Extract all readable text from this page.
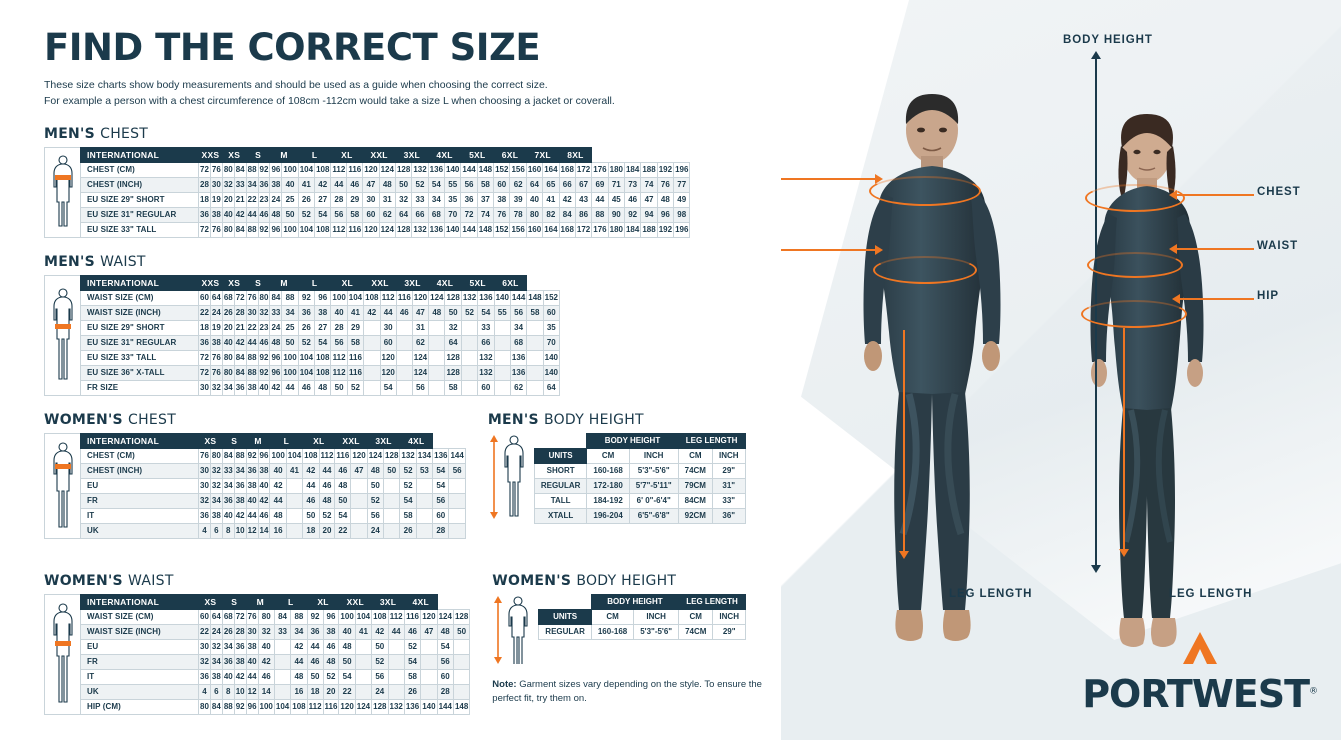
BODY HEIGHT
CHEST
WAIST
HIP
LEG LENGTH	LEG LENGTH
PORTWEST®
FIND THE CORRECT SIZE

These size charts show body measurements and should be used as a guide when choosing the correct size.
For example a person with a chest circumference of 108cm -112cm would take a size L when choosing a jacket or coverall.

MEN'S CHEST
INTERNATIONAL	XXS		XS		S		M		L		XL		XXL		3XL		4XL		5XL		6XL		7XL		8XL							
CHEST (CM)	72	76	80	84	88	92	96	100	104	108	112	116	120	124	128	132	136	140	144	148	152	156	160	164	168	172	176	180	184	188	192	196
CHEST (INCH)	28	30	32	33	34	36	38	40	41	42	44	46	47	48	50	52	54	55	56	58	60	62	64	65	66	67	69	71	73	74	76	77
EU SIZE 29" SHORT	18	19	20	21	22	23	24	25	26	27	28	29	30	31	32	33	34	35	36	37	38	39	40	41	42	43	44	45	46	47	48	49
EU SIZE 31" REGULAR	36	38	40	42	44	46	48	50	52	54	56	58	60	62	64	66	68	70	72	74	76	78	80	82	84	86	88	90	92	94	96	98
EU SIZE 33" TALL	72	76	80	84	88	92	96	100	104	108	112	116	120	124	128	132	136	140	144	148	152	156	160	164	168	172	176	180	184	188	192	196
MEN'S WAIST
INTERNATIONAL	XXS		XS		S		M		L		XL		XXL		3XL		4XL		5XL		6XL			
WAIST SIZE (CM)	60	64	68	72	76	80	84	88	92	96	100	104	108	112	116	120	124	128	132	136	140	144	148	152
WAIST SIZE (INCH)	22	24	26	28	30	32	33	34	36	38	40	41	42	44	46	47	48	50	52	54	55	56	58	60
EU SIZE 29" SHORT	18	19	20	21	22	23	24	25	26	27	28	29		30		31		32		33		34		35
EU SIZE 31" REGULAR	36	38	40	42	44	46	48	50	52	54	56	58		60		62		64		66		68		70
EU SIZE 33" TALL	72	76	80	84	88	92	96	100	104	108	112	116		120		124		128		132		136		140
EU SIZE 36" X-TALL	72	76	80	84	88	92	96	100	104	108	112	116		120		124		128		132		136		140
FR SIZE	30	32	34	36	38	40	42	44	46	48	50	52		54		56		58		60		62		64
WOMEN'S CHEST
INTERNATIONAL	XS		S		M		L		XL		XXL		3XL		4XL			
CHEST (CM)	76	80	84	88	92	96	100	104	108	112	116	120	124	128	132	134	136	144
CHEST (INCH)	30	32	33	34	36	38	40	41	42	44	46	47	48	50	52	53	54	56
EU	30	32	34	36	38	40	42		44	46	48		50		52		54	
FR	32	34	36	38	40	42	44		46	48	50		52		54		56	
IT	36	38	40	42	44	46	48		50	52	54		56		58		60	
UK	4	6	8	10	12	14	16		18	20	22		24		26		28	
MEN'S BODY HEIGHT
	BODY HEIGHT		LEG LENGTH	
UNITS	CM	INCH	CM	INCH
SHORT	160-168	5'3"-5'6"	74CM	29"
REGULAR	172-180	5'7"-5'11"	79CM	31"
TALL	184-192	6' 0"-6'4"	84CM	33"
XTALL	196-204	6'5"-6'8"	92CM	36"
WOMEN'S WAIST
INTERNATIONAL	XS		S		M		L		XL		XXL		3XL		4XL			
WAIST SIZE (CM)	60	64	68	72	76	80	84	88	92	96	100	104	108	112	116	120	124	128
WAIST SIZE (INCH)	22	24	26	28	30	32	33	34	36	38	40	41	42	44	46	47	48	50
EU	30	32	34	36	38	40		42	44	46	48		50		52		54	
FR	32	34	36	38	40	42		44	46	48	50		52		54		56	
IT	36	38	40	42	44	46		48	50	52	54		56		58		60	
UK	4	6	8	10	12	14		16	18	20	22		24		26		28	
HIP (CM)	80	84	88	92	96	100	104	108	112	116	120	124	128	132	136	140	144	148
WOMEN'S BODY HEIGHT
	BODY HEIGHT		LEG LENGTH	
UNITS	CM	INCH	CM	INCH
REGULAR	160-168	5'3"-5'6"	74CM	29"

Note: Garment sizes vary depending on the style. To ensure the perfect fit, try them on.
